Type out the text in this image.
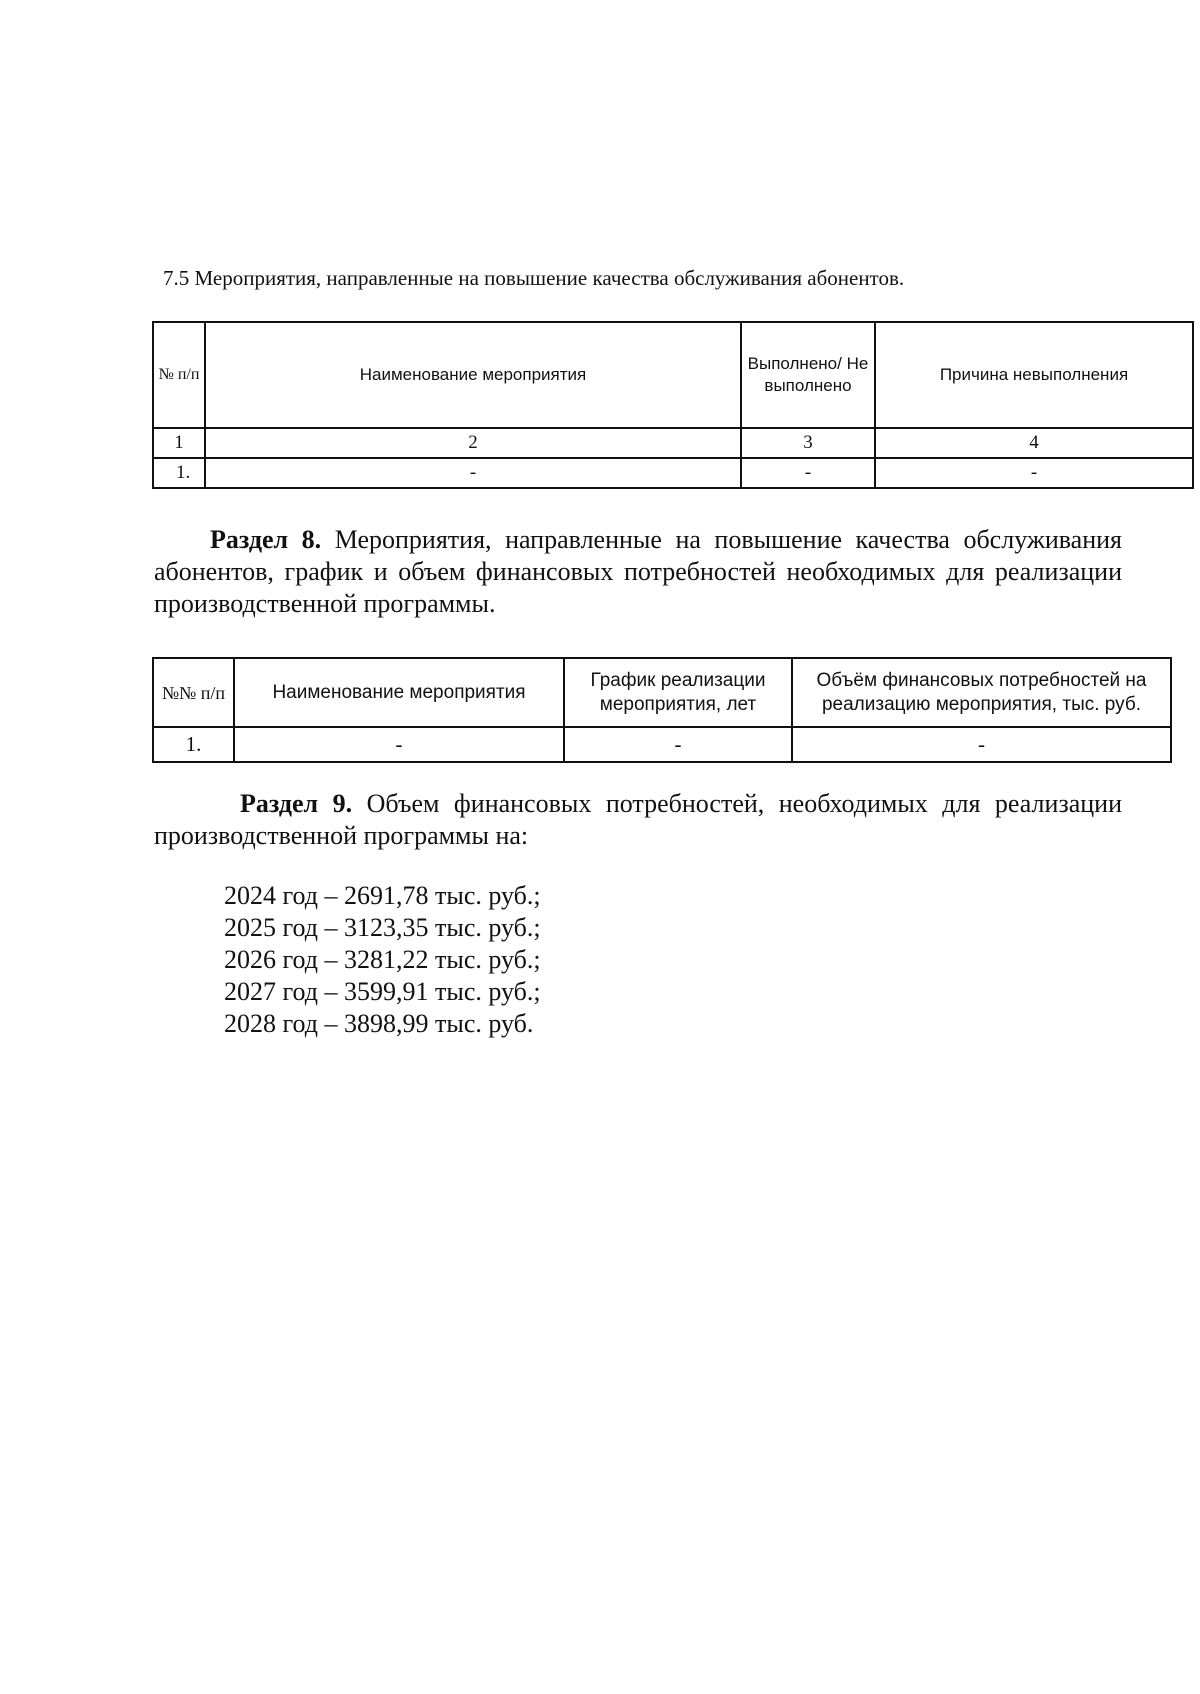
7.5 Мероприятия, направленные на повышение качества обслуживания абонентов.
№ п/п	Наименование мероприятия	Выполнено/ Не выполнено	Причина невыполнения
1	2	3	4
1.	-	-	-
Раздел 8. Мероприятия, направленные на повышение качества обслуживания абонентов, график и объем финансовых потребностей необходимых для реализации производственной программы.
№№ п/п	Наименование мероприятия	График реализации мероприятия, лет	Объём финансовых потребностей на реализацию мероприятия, тыс. руб.
1.	-	-	-
Раздел 9. Объем финансовых потребностей, необходимых для реализации производственной программы на:
2024 год – 2691,78 тыс. руб.;
2025 год – 3123,35 тыс. руб.;
2026 год – 3281,22 тыс. руб.;
2027 год – 3599,91 тыс. руб.;
2028 год – 3898,99 тыс. руб.
